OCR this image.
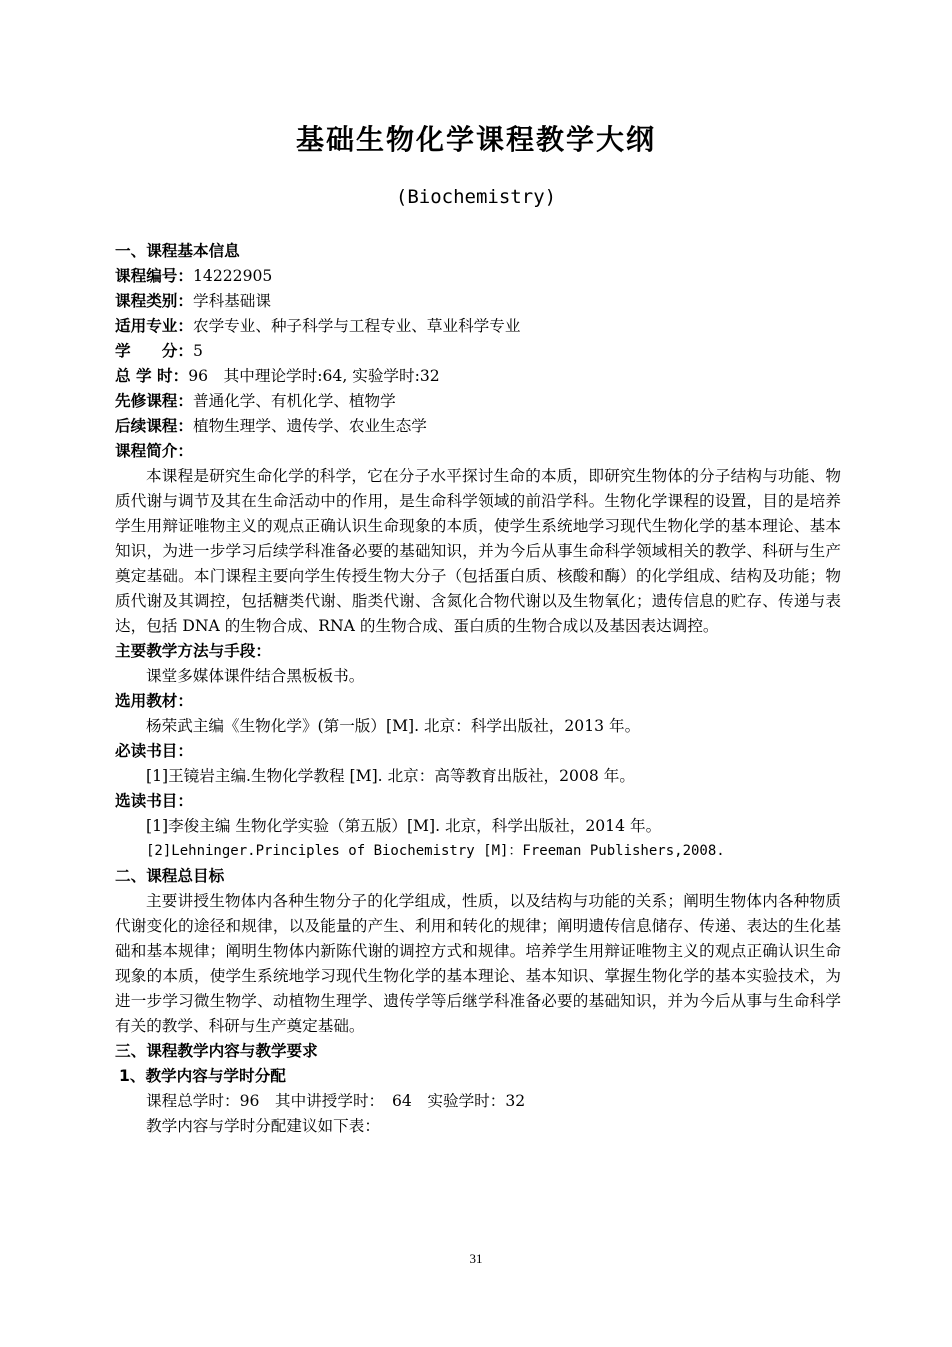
基础生物化学课程教学大纲
(Biochemistry)
一、课程基本信息
课程编号：14222905
课程类别：学科基础课
适用专业：农学专业、种子科学与工程专业、草业科学专业
学　　分：5
总 学 时：96　其中理论学时:64, 实验学时:32
先修课程：普通化学、有机化学、植物学
后续课程：植物生理学、遗传学、农业生态学
课程简介：

本课程是研究生命化学的科学，它在分子水平探讨生命的本质，即研究生物体的分子结构与功能、物质代谢与调节及其在生命活动中的作用，是生命科学领域的前沿学科。生物化学课程的设置，目的是培养学生用辩证唯物主义的观点正确认识生命现象的本质，使学生系统地学习现代生物化学的基本理论、基本知识，为进一步学习后续学科准备必要的基础知识，并为今后从事生命科学领域相关的教学、科研与生产奠定基础。本门课程主要向学生传授生物大分子（包括蛋白质、核酸和酶）的化学组成、结构及功能；物质代谢及其调控，包括糖类代谢、脂类代谢、含氮化合物代谢以及生物氧化；遗传信息的贮存、传递与表达，包括 DNA 的生物合成、RNA 的生物合成、蛋白质的生物合成以及基因表达调控。

主要教学方法与手段：
课堂多媒体课件结合黑板板书。
选用教材：
杨荣武主编《生物化学》(第一版）[M]. 北京：科学出版社，2013 年。
必读书目：
[1]王镜岩主编.生物化学教程 [M]. 北京：高等教育出版社，2008 年。
选读书目：
[1]李俊主编 生物化学实验（第五版）[M]. 北京，科学出版社，2014 年。
[2]Lehninger.Principles of Biochemistry [M]：Freeman Publishers,2008.
二、课程总目标

主要讲授生物体内各种生物分子的化学组成，性质，以及结构与功能的关系；阐明生物体内各种物质代谢变化的途径和规律，以及能量的产生、利用和转化的规律；阐明遗传信息储存、传递、表达的生化基础和基本规律；阐明生物体内新陈代谢的调控方式和规律。培养学生用辩证唯物主义的观点正确认识生命现象的本质，使学生系统地学习现代生物化学的基本理论、基本知识、掌握生物化学的基本实验技术，为进一步学习微生物学、动植物生理学、遗传学等后继学科准备必要的基础知识，并为今后从事与生命科学有关的教学、科研与生产奠定基础。

三、课程教学内容与教学要求
1、教学内容与学时分配
课程总学时：96　其中讲授学时：　64　实验学时：32
教学内容与学时分配建议如下表：
31
